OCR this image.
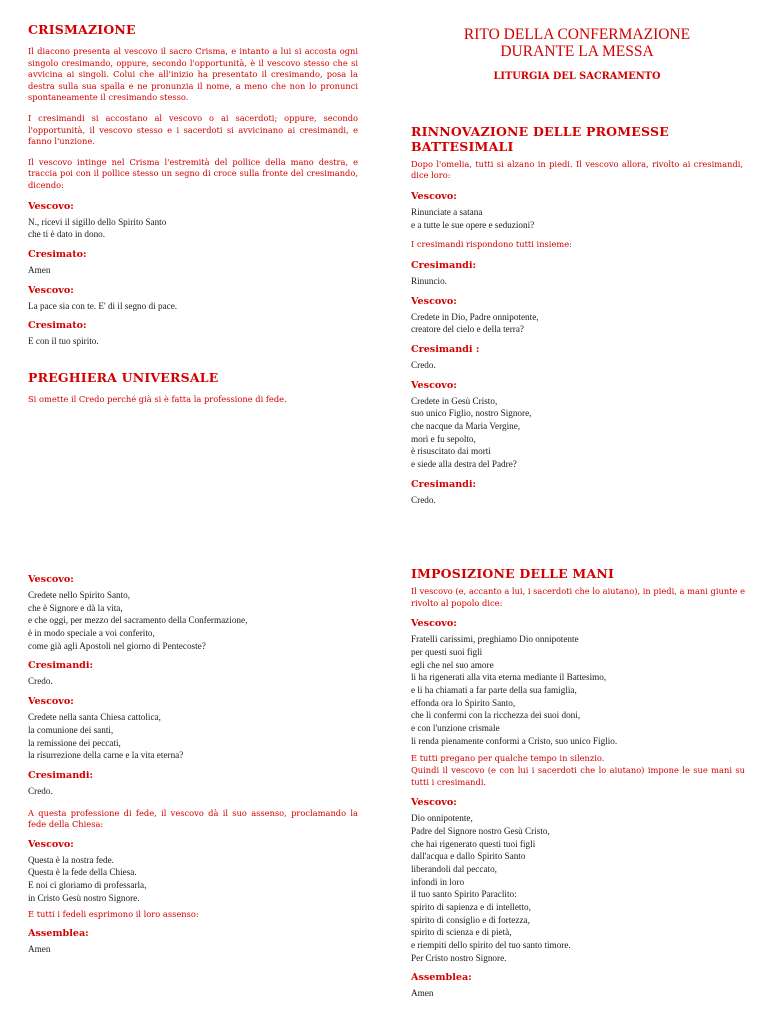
CRISMAZIONE

Il diacono presenta al vescovo il sacro Crisma, e intanto a lui si accosta ogni singolo cresimando, oppure, secondo l'opportunità, è il vescovo stesso che si avvicina ai singoli. Colui che all'inizio ha presentato il cresimando, posa la destra sulla sua spalla e ne pronunzia il nome, a meno che non lo pronunci spontaneamente il cresimando stesso.

I cresimandi si accostano al vescovo o ai sacerdoti; oppure, secondo l'opportunità, il vescovo stesso e i sacerdoti si avvicinano ai cresimandi, e fanno l'unzione.

Il vescovo intinge nel Crisma l'estremità del pollice della mano destra, e traccia poi con il pollice stesso un segno di croce sulla fronte del cresimando, dicendo:

Vescovo:
N., ricevi il sigillo dello Spirito Santo
che ti è dato in dono.
Cresimato:
Amen
Vescovo:
La pace sia con te. E' di il segno di pace.
Cresimato:
E con il tuo spirito.
PREGHIERA UNIVERSALE

Si omette il Credo perché già si è fatta la professione di fede.

RITO DELLA CONFERMAZIONE
DURANTE LA MESSA
LITURGIA DEL SACRAMENTO
RINNOVAZIONE DELLE PROMESSE BATTESIMALI

Dopo l'omelia, tutti si alzano in piedi. Il vescovo allora, rivolto ai cresimandi, dice loro:

Vescovo:
Rinunciate a satana
e a tutte le sue opere e seduzioni?

I cresimandi rispondono tutti insieme:

Cresimandi:
Rinuncio.
Vescovo:
Credete in Dio, Padre onnipotente,
creatore del cielo e della terra?
Cresimandi :
Credo.
Vescovo:
Credete in Gesù Cristo,
suo unico Figlio, nostro Signore,
che nacque da Maria Vergine,
morì e fu sepolto,
è risuscitato dai morti
e siede alla destra del Padre?
Cresimandi:
Credo.
Vescovo:
Credete nello Spirito Santo,
che è Signore e dà la vita,
e che oggi, per mezzo del sacramento della Confermazione,
è in modo speciale a voi conferito,
come già agli Apostoli nel giorno di Pentecoste?
Cresimandi:
Credo.
Vescovo:
Credete nella santa Chiesa cattolica,
la comunione dei santi,
la remissione dei peccati,
la risurrezione della carne e la vita eterna?
Cresimandi:
Credo.

A questa professione di fede, il vescovo dà il suo assenso, proclamando la fede della Chiesa:

Vescovo:
Questa è la nostra fede.
Questa è la fede della Chiesa.
E noi ci gloriamo di professarla,
in Cristo Gesù nostro Signore.

E tutti i fedeli esprimono il loro assenso:

Assemblea:
Amen
IMPOSIZIONE DELLE MANI

Il vescovo (e, accanto a lui, i sacerdoti che lo aiutano), in piedi, a mani giunte e rivolto al popolo dice:

Vescovo:
Fratelli carissimi, preghiamo Dio onnipotente
per questi suoi figli
egli che nel suo amore
li ha rigenerati alla vita eterna mediante il Battesimo,
e li ha chiamati a far parte della sua famiglia,
effonda ora lo Spirito Santo,
che li confermi con la ricchezza dei suoi doni,
e con l'unzione crismale
li renda pienamente conformi a Cristo, suo unico Figlio.

E tutti pregano per qualche tempo in silenzio.

Quindi il vescovo (e con lui i sacerdoti che lo aiutano) impone le sue mani su tutti i cresimandi.

Vescovo:
Dio onnipotente,
Padre del Signore nostro Gesù Cristo,
che hai rigenerato questi tuoi figli
dall'acqua e dallo Spirito Santo
liberandoli dal peccato,
infondi in loro
il tuo santo Spirito Paraclito:
spirito di sapienza e di intelletto,
spirito di consiglio e di fortezza,
spirito di scienza e di pietà,
e riempiti dello spirito del tuo santo timore.
Per Cristo nostro Signore.
Assemblea:
Amen
